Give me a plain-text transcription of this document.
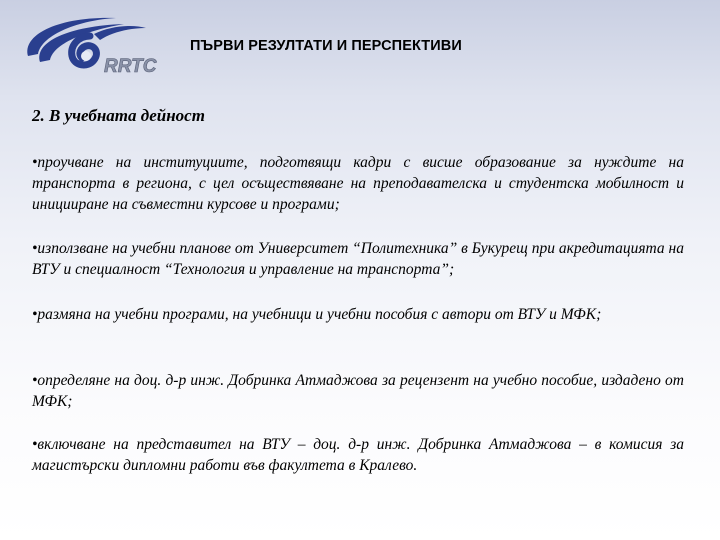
RRTC
ПЪРВИ РЕЗУЛТАТИ И ПЕРСПЕКТИВИ
2. В учебната дейност
•проучване на институциите, подготвящи кадри с висше образование за нуждите на транспорта в региона, с цел осъществяване на преподавателска и студентска мобилност и иницииране на съвместни курсове и програми;
•използване на учебни планове от Университет “Политехника” в Букурещ при акредитацията на ВТУ и специалност “Технология и управление на транспорта”;
•размяна на учебни програми, на учебници и учебни пособия с автори от ВТУ и МФК;
•определяне на доц. д-р инж. Добринка Атмаджова за рецензент на учебно пособие, издадено от МФК;
•включване на представител на ВТУ – доц. д-р инж. Добринка Атмаджова – в комисия за магистърски дипломни работи във факултета в Кралево.
